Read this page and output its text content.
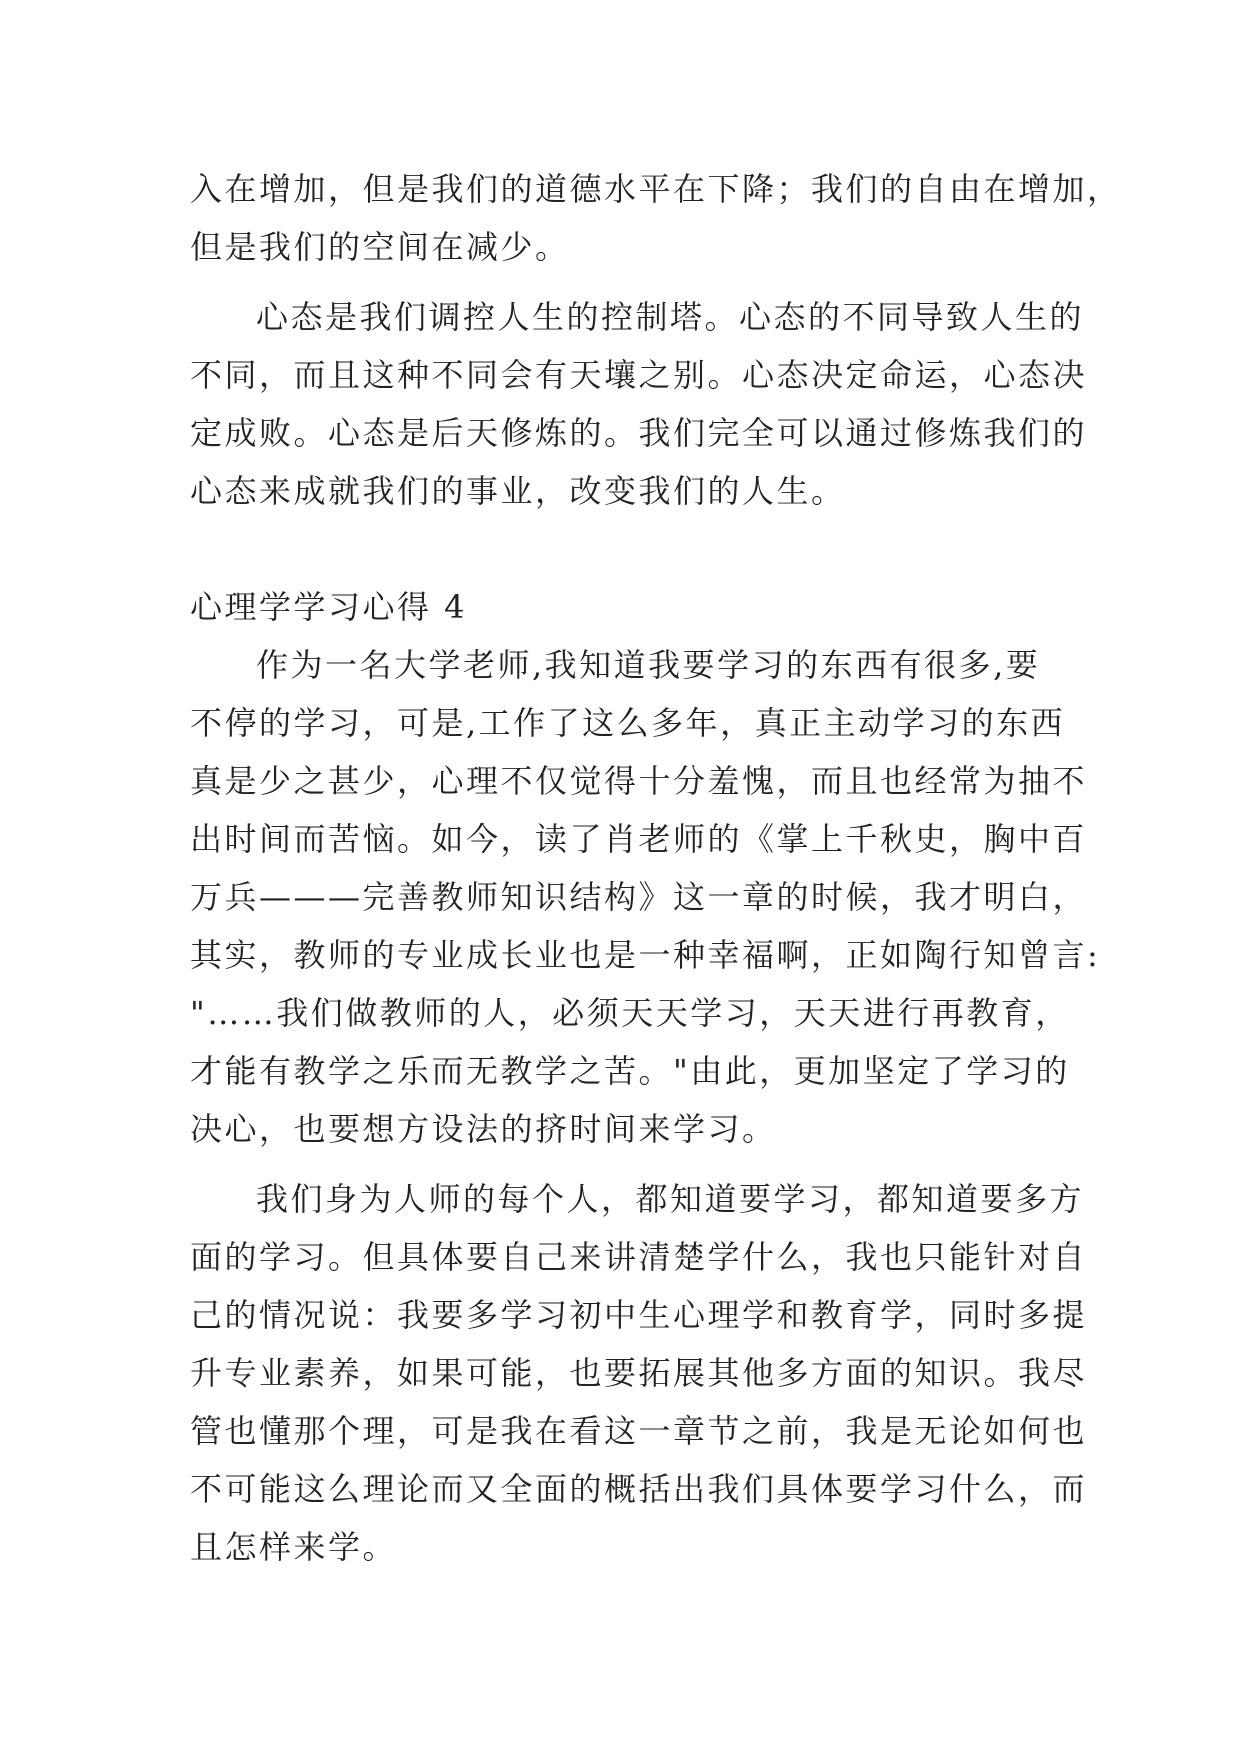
入在增加，但是我们的道德水平在下降；我们的自由在增加，
但是我们的空间在减少。
心态是我们调控人生的控制塔。心态的不同导致人生的
不同，而且这种不同会有天壤之别。心态决定命运，心态决
定成败。心态是后天修炼的。我们完全可以通过修炼我们的
心态来成就我们的事业，改变我们的人生。
心理学学习心得 4
作为一名大学老师,我知道我要学习的东西有很多,要
不停的学习，可是,工作了这么多年，真正主动学习的东西
真是少之甚少，心理不仅觉得十分羞愧，而且也经常为抽不
出时间而苦恼。如今，读了肖老师的《掌上千秋史，胸中百
万兵———完善教师知识结构》这一章的时候，我才明白，
其实，教师的专业成长业也是一种幸福啊，正如陶行知曾言:
"……我们做教师的人，必须天天学习，天天进行再教育，
才能有教学之乐而无教学之苦。"由此，更加坚定了学习的
决心，也要想方设法的挤时间来学习。
我们身为人师的每个人，都知道要学习，都知道要多方
面的学习。但具体要自己来讲清楚学什么，我也只能针对自
己的情况说：我要多学习初中生心理学和教育学，同时多提
升专业素养，如果可能，也要拓展其他多方面的知识。我尽
管也懂那个理，可是我在看这一章节之前，我是无论如何也
不可能这么理论而又全面的概括出我们具体要学习什么，而
且怎样来学。
